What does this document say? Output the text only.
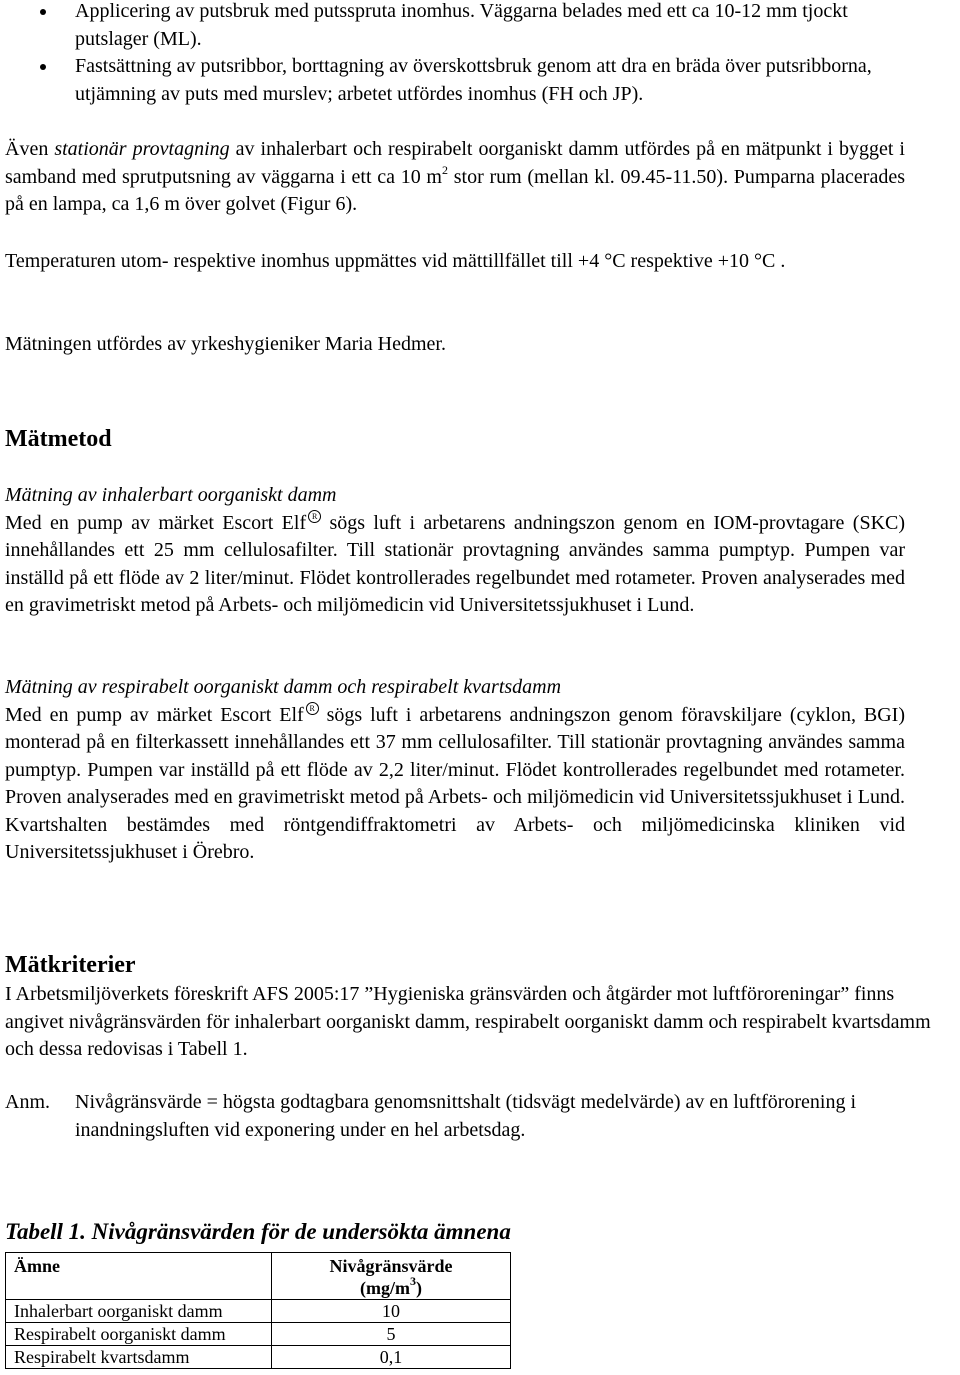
Applicering av putsbruk med putsspruta inomhus. Väggarna belades med ett ca 10-12 mm tjockt putslager (ML).
Fastsättning av putsribbor, borttagning av överskottsbruk genom att dra en bräda över putsribborna, utjämning av puts med murslev; arbetet utfördes inomhus (FH och JP).

Även stationär provtagning av inhalerbart och respirabelt oorganiskt damm utfördes på en mätpunkt i bygget i samband med sprutputsning av väggarna i ett ca 10 $m^2$ stor rum (mellan kl. 09.45-11.50). Pumparna placerades på en lampa, ca 1,6 m över golvet (Figur 6).

Temperaturen utom- respektive inomhus uppmättes vid mättillfället till +4 °C respektive +10 °C .

Mätningen utfördes av yrkeshygieniker Maria Hedmer.

Mätmetod
Mätning av inhalerbart oorganiskt damm
Med en pump av märket Escort Elf R sögs luft i arbetarens andningszon genom en IOM-provtagare (SKC) innehållandes ett 25 mm cellulosafilter. Till stationär provtagning användes samma pumptyp. Pumpen var inställd på ett flöde av 2 liter/minut. Flödet kontrollerades regelbundet med rotameter. Proven analyserades med en gravimetriskt metod på Arbets- och miljömedicin vid Universitetssjukhuset i Lund.
Mätning av respirabelt oorganiskt damm och respirabelt kvartsdamm
Med en pump av märket Escort Elf R sögs luft i arbetarens andningszon genom föravskiljare (cyklon, BGI) monterad på en filterkassett innehållandes ett 37 mm cellulosafilter. Till stationär provtagning användes samma pumptyp. Pumpen var inställd på ett flöde av 2,2 liter/minut. Flödet kontrollerades regelbundet med rotameter. Proven analyserades med en gravimetriskt metod på Arbets- och miljömedicin vid Universitetssjukhuset i Lund. Kvartshalten bestämdes med röntgendiffraktometri av Arbets- och miljömedicinska kliniken vid Universitetssjukhuset i Örebro.
Mätkriterier

I Arbetsmiljöverkets föreskrift AFS 2005:17 ”Hygieniska gränsvärden och åtgärder mot luftföroreningar” finns angivet nivågränsvärden för inhalerbart oorganiskt damm, respirabelt oorganiskt damm och respirabelt kvartsdamm och dessa redovisas i Tabell 1.

Anm. Nivågränsvärde = högsta godtagbara genomsnittshalt (tidsvägt medelvärde) av en luftförorening i inandningsluften vid exponering under en hel arbetsdag.
Tabell 1. Nivågränsvärden för de undersökta ämnena
Ämne	Nivågränsvärde
$(mg/m^3)$
Inhalerbart oorganiskt damm	10
Respirabelt oorganiskt damm	5
Respirabelt kvartsdamm	0,1
